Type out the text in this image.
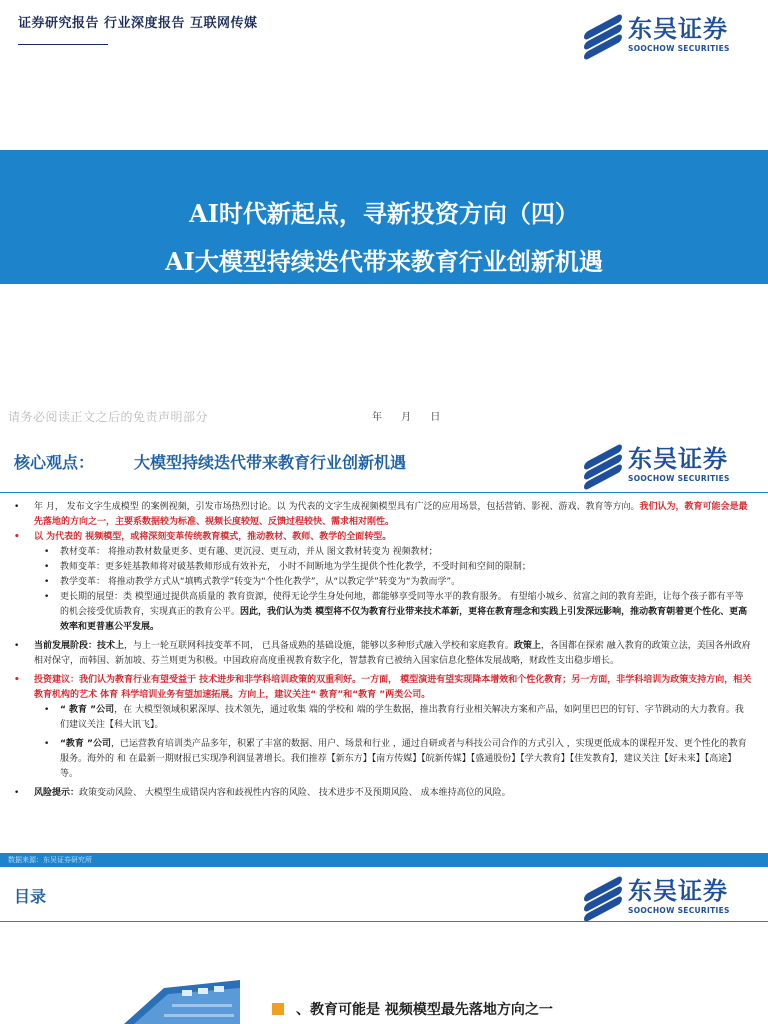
证券研究报告 行业深度报告 互联网传媒	东吴证券
SOOCHOW SECURITIES
AI时代新起点，寻新投资方向（四）
AI大模型持续迭代带来教育行业创新机遇
请务必阅读正文之后的免责声明部分	年 月 日
核心观点： 大模型持续迭代带来教育行业创新机遇	东吴证券
SOOCHOW SECURITIES

• 年 月， 发布文字生成模型 的案例视频，引发市场热烈讨论。以 为代表的文字生成视频模型具有广泛的应用场景，包括营销、影视、游戏、教育等方向。我们认为，教育可能会是最先落地的方向之一，主要系数据较为标准、视频长度较短、反馈过程较快、需求相对刚性。

• 以 为代表的 视频模型，或将深刻变革传统教育模式，推动教材、教师、教学的全面转型。

• 教材变革： 将推动教材数量更多、更有趣、更沉浸、更互动，并从 图文教材转变为 视频教材；

• 教师变革：更多娃基教师将对破基教师形成有效补充， 小时不间断地为学生提供个性化教学，不受时间和空间的限制；

• 教学变革： 将推动教学方式从“填鸭式教学”转变为“个性化教学”，从“以教定学”转变为“为教而学”。

• 更长期的展望：类 模型通过提供高质量的 教育资源，使得无论学生身处何地，都能够享受同等水平的教育服务。 有望缩小城乡、贫富之间的教育差距，让每个孩子都有平等的机会接受优质教育，实现真正的教育公平。因此，我们认为类 模型将不仅为教育行业带来技术革新，更将在教育理念和实践上引发深远影响，推动教育朝着更个性化、更高效率和更普惠公平发展。

• 当前发展阶段：技术上，与上一轮互联网科技变革不同， 已具备成熟的基础设施，能够以多种形式融入学校和家庭教育。政策上，各国都在探索 融入教育的政策立法，美国各州政府相对保守，而韩国、新加坡、芬兰则更为积极。中国政府高度重视教育数字化，智慧教育已被纳入国家信息化整体发展战略，财政性支出稳步增长。

• 投资建议：我们认为教育行业有望受益于 技术进步和非学科培训政策的双重利好。一方面， 模型演进有望实现降本增效和个性化教育；另一方面，非学科培训为政策支持方向，相关教育机构的艺术 体育 科学培训业务有望加速拓展。方向上，建议关注“ 教育”和“教育 ”两类公司。

• “ 教育 ”公司，在 大模型领域积累深厚、技术领先，通过收集 端的学校和 端的学生数据，推出教育行业相关解决方案和产品，如阿里巴巴的钉钉、字节跳动的大力教育。我们建议关注【科大讯飞】。

• “教育 ”公司，已运营教育培训类产品多年，积累了丰富的数据、用户、场景和行业 ，通过自研或者与科技公司合作的方式引入 ，实现更低成本的课程开发、更个性化的教育服务。海外的 和 在最新一期财报已实现净利润显著增长。我们推荐【新东方】【南方传媒】【皖新传媒】【盛通股份】【学大教育】【佳发教育】，建议关注【好未来】【高途】等。

• 风险提示：政策变动风险、 大模型生成错误内容和歧视性内容的风险、 技术进步不及预期风险、 成本维持高位的风险。

数据来源：东吴证券研究所
目录	东吴证券
SOOCHOW SECURITIES
、教育可能是 视频模型最先落地方向之一
